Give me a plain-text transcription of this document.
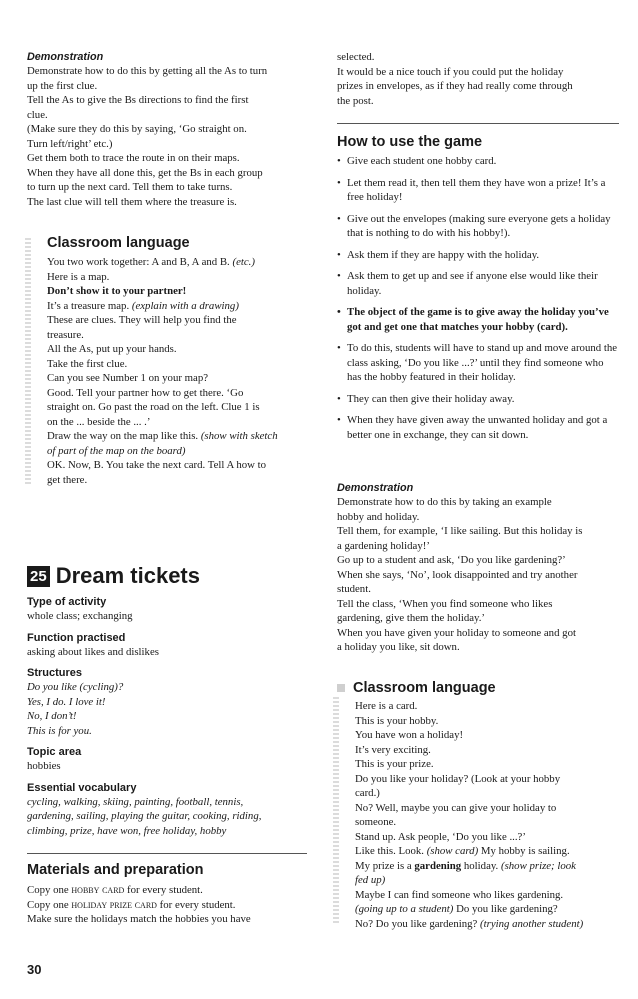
Demonstration

Demonstrate how to do this by getting all the As to turn

up the first clue.

Tell the As to give the Bs directions to find the first

clue.

(Make sure they do this by saying, ‘Go straight on.

Turn left/right’ etc.)

Get them both to trace the route in on their maps.

When they have all done this, get the Bs in each group

to turn up the next card. Tell them to take turns.

The last clue will tell them where the treasure is.

Classroom language

You two work together: A and B, A and B. (etc.)

Here is a map.

Don’t show it to your partner!

It’s a treasure map. (explain with a drawing)

These are clues. They will help you find the

treasure.

All the As, put up your hands.

Take the first clue.

Can you see Number 1 on your map?

Good. Tell your partner how to get there. ‘Go

straight on. Go past the road on the left. Clue 1 is

on the ... beside the ... .’

Draw the way on the map like this. (show with sketch

of part of the map on the board)

OK. Now, B. You take the next card. Tell A how to

get there.

25 Dream tickets

Type of activity

whole class; exchanging

Function practised

asking about likes and dislikes

Structures

Do you like (cycling)?

Yes, I do. I love it!

No, I don’t!

This is for you.

Topic area

hobbies

Essential vocabulary

cycling, walking, skiing, painting, football, tennis,

gardening, sailing, playing the guitar, cooking, riding,

climbing, prize, have won, free holiday, hobby

Materials and preparation

Copy one hobby card for every student.

Copy one holiday prize card for every student.

Make sure the holidays match the hobbies you have

selected.

It would be a nice touch if you could put the holiday

prizes in envelopes, as if they had really come through

the post.

How to use the game

• Give each student one hobby card.
• Let them read it, then tell them they have won a prize! It’s a free holiday!
• Give out the envelopes (making sure everyone gets a holiday that is nothing to do with his hobby!).
• Ask them if they are happy with the holiday.
• Ask them to get up and see if anyone else would like their holiday.
• The object of the game is to give away the holiday you’ve got and get one that matches your hobby (card).
• To do this, students will have to stand up and move around the class asking, ‘Do you like ...?’ until they find someone who has the hobby featured in their holiday.
• They can then give their holiday away.
• When they have given away the unwanted holiday and got a better one in exchange, they can sit down.

Demonstration

Demonstrate how to do this by taking an example

hobby and holiday.

Tell them, for example, ‘I like sailing. But this holiday is

a gardening holiday!’

Go up to a student and ask, ‘Do you like gardening?’

When she says, ‘No’, look disappointed and try another

student.

Tell the class, ‘When you find someone who likes

gardening, give them the holiday.’

When you have given your holiday to someone and got

a holiday you like, sit down.

Classroom language

Here is a card.

This is your hobby.

You have won a holiday!

It’s very exciting.

This is your prize.

Do you like your holiday? (Look at your hobby

card.)

No? Well, maybe you can give your holiday to

someone.

Stand up. Ask people, ‘Do you like ...?’

Like this. Look. (show card) My hobby is sailing.

My prize is a gardening holiday. (show prize; look

fed up)

Maybe I can find someone who likes gardening.

(going up to a student) Do you like gardening?

No? Do you like gardening? (trying another student)

30
